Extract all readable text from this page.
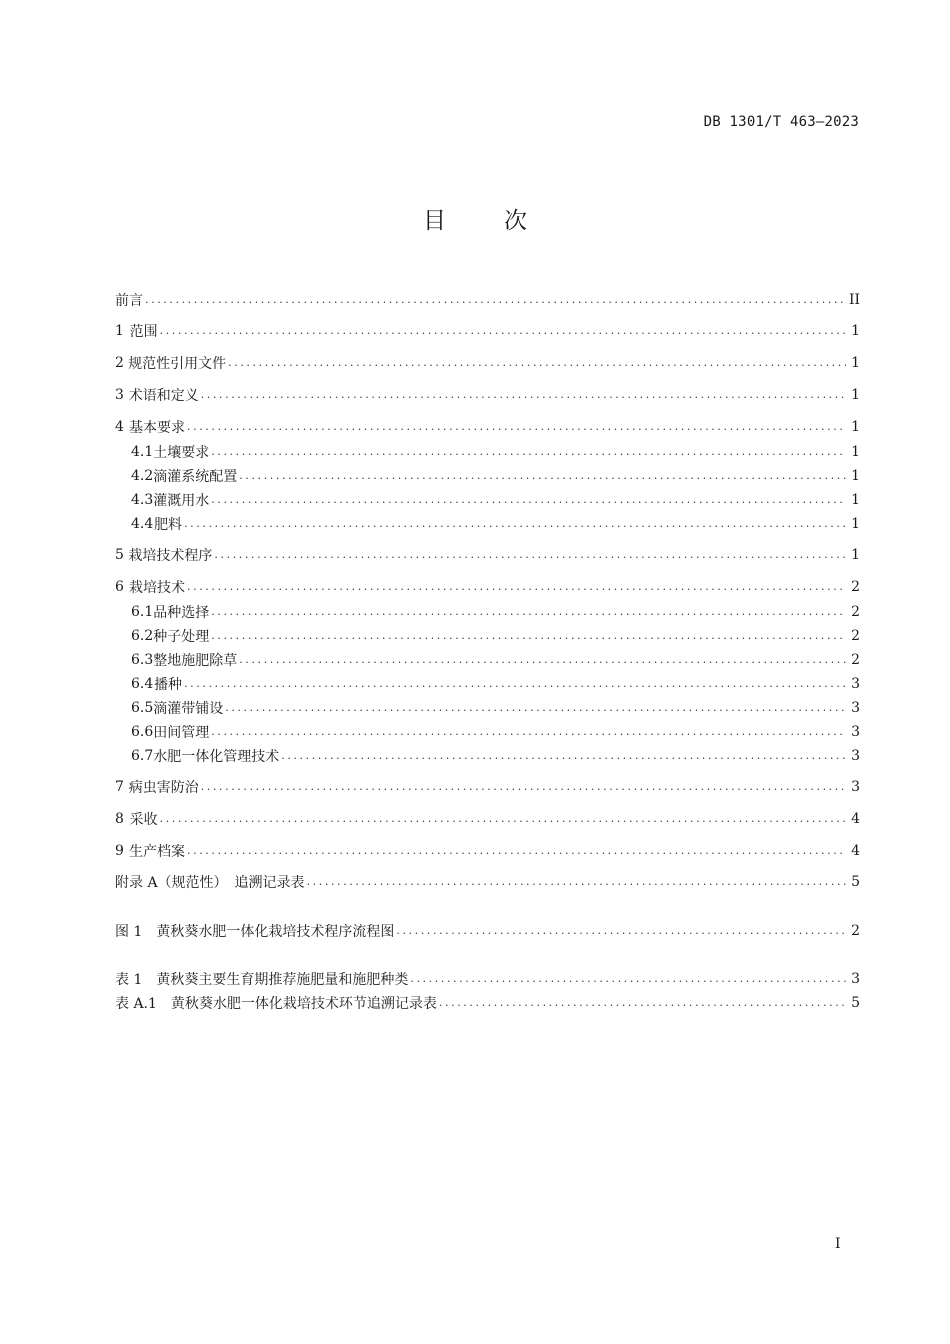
DB 1301/T 463—2023
目次
前言 .....	II
1 范围 .....	1
2 规范性引用文件 .....	1
3 术语和定义 .....	1
4 基本要求 .....	1
4.1 土壤要求 .....	1
4.2 滴灌系统配置 .....	1
4.3 灌溉用水 .....	1
4.4 肥料 .....	1
5 栽培技术程序 .....	1
6 栽培技术 .....	2
6.1 品种选择 .....	2
6.2 种子处理 .....	2
6.3 整地施肥除草 .....	2
6.4 播种 .....	3
6.5 滴灌带铺设 .....	3
6.6 田间管理 .....	3
6.7 水肥一体化管理技术 .....	3
7 病虫害防治 .....	3
8 采收 .....	4
9 生产档案 .....	4
附录 A（规范性）　追溯记录表 .....	5
图 1　黄秋葵水肥一体化栽培技术程序流程图 .....	2
表 1　黄秋葵主要生育期推荐施肥量和施肥种类 .....	3
表 A.1　黄秋葵水肥一体化栽培技术环节追溯记录表 .....	5
I
